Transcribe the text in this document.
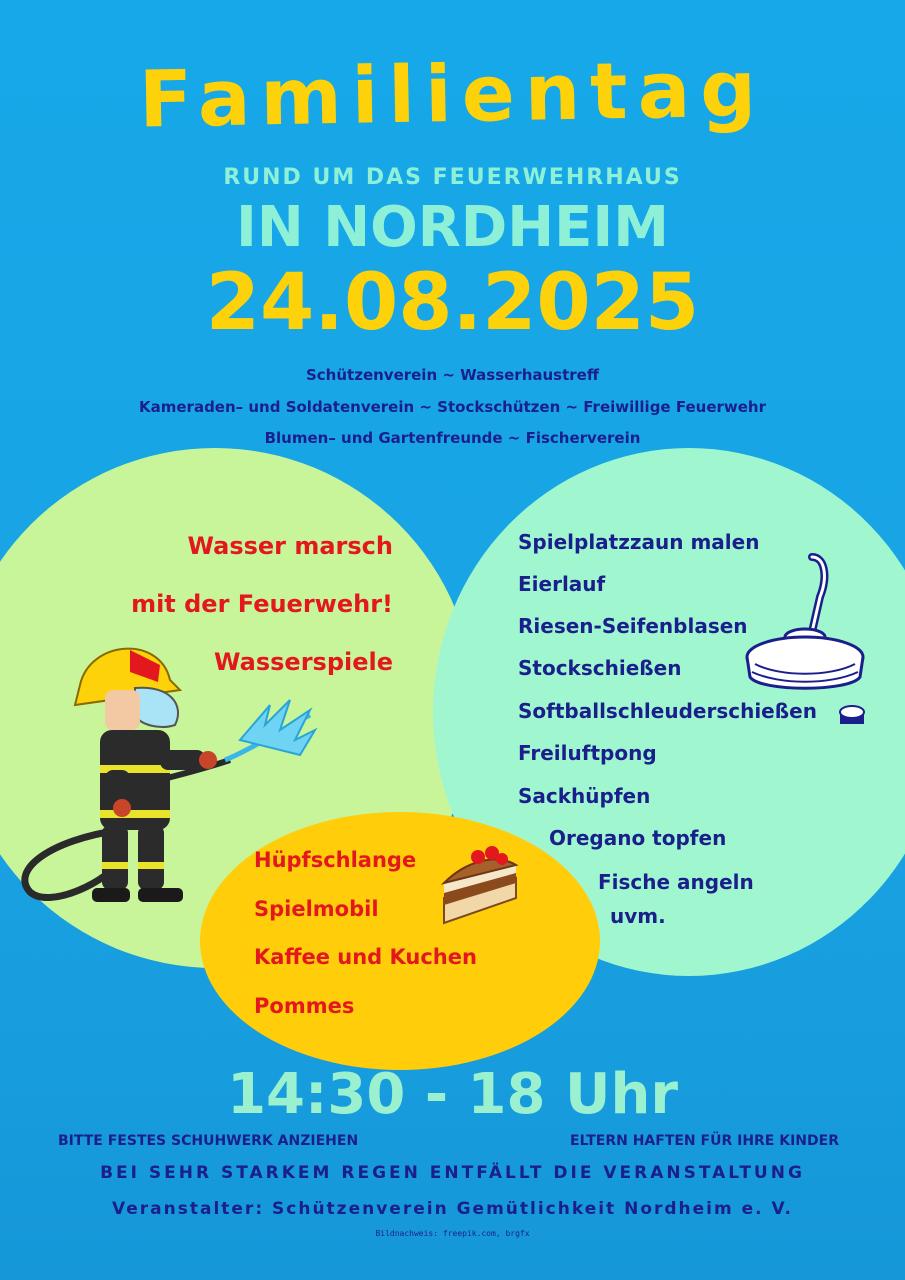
Familientag
RUND UM DAS FEUERWEHRHAUS
IN NORDHEIM
24.08.2025
Schützenverein ~ Wasserhaustreff
Kameraden– und Soldatenverein ~ Stockschützen ~ Freiwillige Feuerwehr
Blumen– und Gartenfreunde ~ Fischerverein
Wasser marsch
mit der Feuerwehr!
Wasserspiele
Spielplatzzaun malen
Eierlauf
Riesen-Seifenblasen
Stockschießen
Softballschleuderschießen
Freiluftpong
Sackhüpfen
Oregano topfen
Fische angeln
uvm.
Hüpfschlange
Spielmobil
Kaffee und Kuchen
Pommes
14:30 - 18 Uhr
BITTE FESTES SCHUHWERK ANZIEHEN	ELTERN HAFTEN FÜR IHRE KINDER
BEI SEHR STARKEM REGEN ENTFÄLLT DIE VERANSTALTUNG
Veranstalter: Schützenverein Gemütlichkeit Nordheim e. V.
Bildnachweis: freepik.com, brgfx
